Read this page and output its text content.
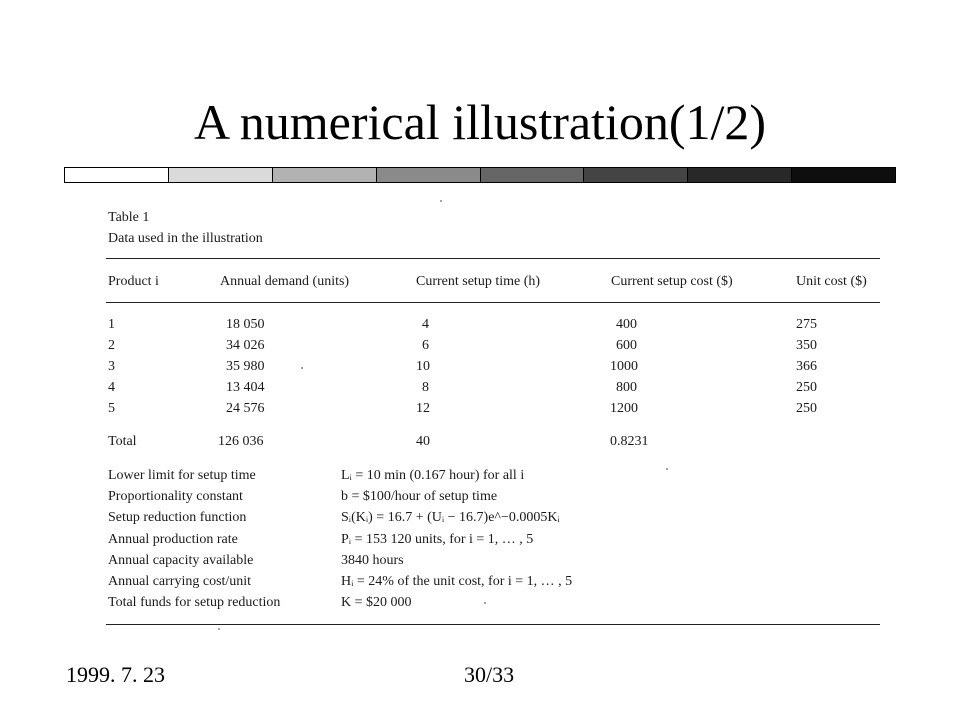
A numerical illustration(1/2)
Table 1
Data used in the illustration
Product i	Annual demand (units)	Current setup time (h)	Current setup cost ($)	Unit cost ($)
1	18 050	4	400	275
2	34 026	6	600	350
3	35 980	10	1000	366
4	13 404	8	800	250
5	24 576	12	1200	250
Total	126 036	40	0.8231
Lower limit for setup time	Lᵢ = 10 min (0.167 hour) for all i
Proportionality constant	b = $100/hour of setup time
Setup reduction function	Sᵢ(Kᵢ) = 16.7 + (Uᵢ − 16.7)e^−0.0005Kᵢ
Annual production rate	Pᵢ = 153 120 units, for i = 1, … , 5
Annual capacity available	3840 hours
Annual carrying cost/unit	Hᵢ = 24% of the unit cost, for i = 1, … , 5
Total funds for setup reduction	K = $20 000
1999. 7. 23	30/33
